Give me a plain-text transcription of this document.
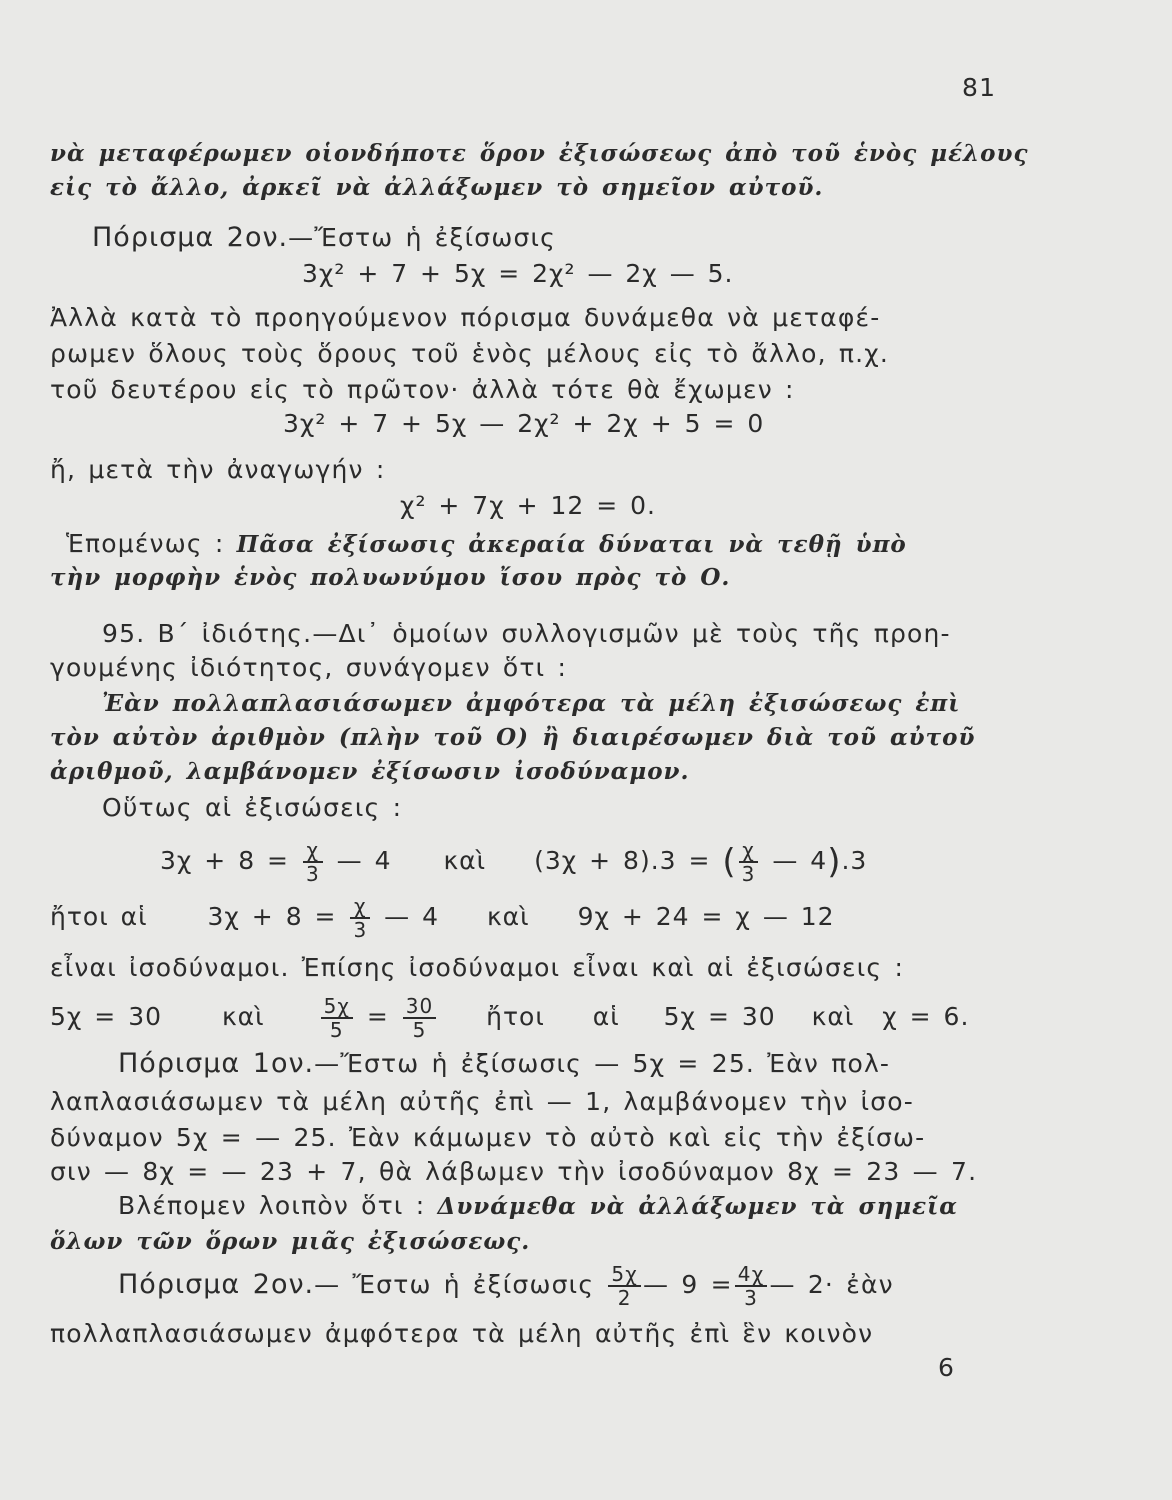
81
νὰ μεταφέρωμεν οἱονδήποτε ὅρον ἐξισώσεως ἀπὸ τοῦ ἑνὸς μέλους
εἰς τὸ ἄλλο, ἀρκεῖ νὰ ἀλλάξωμεν τὸ σημεῖον αὐτοῦ.
Πόρισμα 2ον.—Ἔστω ἡ ἐξίσωσις
3χ² + 7 + 5χ = 2χ² — 2χ — 5.
Ἀλλὰ κατὰ τὸ προηγούμενον πόρισμα δυνάμεθα νὰ μεταφέ-
ρωμεν ὅλους τοὺς ὅρους τοῦ ἑνὸς μέλους εἰς τὸ ἄλλο, π.χ.
τοῦ δευτέρου εἰς τὸ πρῶτον· ἀλλὰ τότε θὰ ἔχωμεν :
3χ² + 7 + 5χ — 2χ² + 2χ + 5 = 0
ἤ, μετὰ τὴν ἀναγωγήν :
χ² + 7χ + 12 = 0.
Ἑπομένως : Πᾶσα ἐξίσωσις ἀκεραία δύναται νὰ τεθῇ ὑπὸ
τὴν μορφὴν ἑνὸς πολυωνύμου ἴσου πρὸς τὸ Ο.
95. Β΄ ἰδιότης.—Δι᾿ ὁμοίων συλλογισμῶν μὲ τοὺς τῆς προη-
γουμένης ἰδιότητος, συνάγομεν ὅτι :
Ἐὰν πολλαπλασιάσωμεν ἀμφότερα τὰ μέλη ἐξισώσεως ἐπὶ
τὸν αὐτὸν ἀριθμὸν (πλὴν τοῦ Ο) ἢ διαιρέσωμεν διὰ τοῦ αὐτοῦ
ἀριθμοῦ, λαμβάνομεν ἐξίσωσιν ἰσοδύναμον.
Οὕτως αἱ ἐξισώσεις :
$3\chi + 8 = \frac{\chi}{3}$ — 4 καὶ (3χ + 8).3 = ( $\frac{\chi}{3}$ — 4).3
ἤτοι αἱ $3\chi + 8 = \frac{\chi}{3}$ — 4 καὶ 9χ + 24 = χ — 12
εἶναι ἰσοδύναμοι. Ἐπίσης ἰσοδύναμοι εἶναι καὶ αἱ ἐξισώσεις :
5χ = 30 καὶ	$\frac{5\chi}{5} = \frac{30}{5}$ ἤτοι αἱ 5χ = 30 καὶ χ = 6.
Πόρισμα 1ον.—Ἔστω ἡ ἐξίσωσις — 5χ = 25. Ἐὰν πολ-
λαπλασιάσωμεν τὰ μέλη αὐτῆς ἐπὶ — 1, λαμβάνομεν τὴν ἰσο-
δύναμον 5χ = — 25. Ἐὰν κάμωμεν τὸ αὐτὸ καὶ εἰς τὴν ἐξίσω-
σιν — 8χ = — 23 + 7, θὰ λάβωμεν τὴν ἰσοδύναμον 8χ = 23 — 7.
Βλέπομεν λοιπὸν ὅτι : Δυνάμεθα νὰ ἀλλάξωμεν τὰ σημεῖα
ὅλων τῶν ὅρων μιᾶς ἐξισώσεως.
Πόρισμα 2ον.— Ἔστω ἡ ἐξίσωσις $\frac{5\chi}{2}$ — $9 = \frac{4\chi}{3}$ — 2· ἐὰν
πολλαπλασιάσωμεν ἀμφότερα τὰ μέλη αὐτῆς ἐπὶ ἓν κοινὸν
6
